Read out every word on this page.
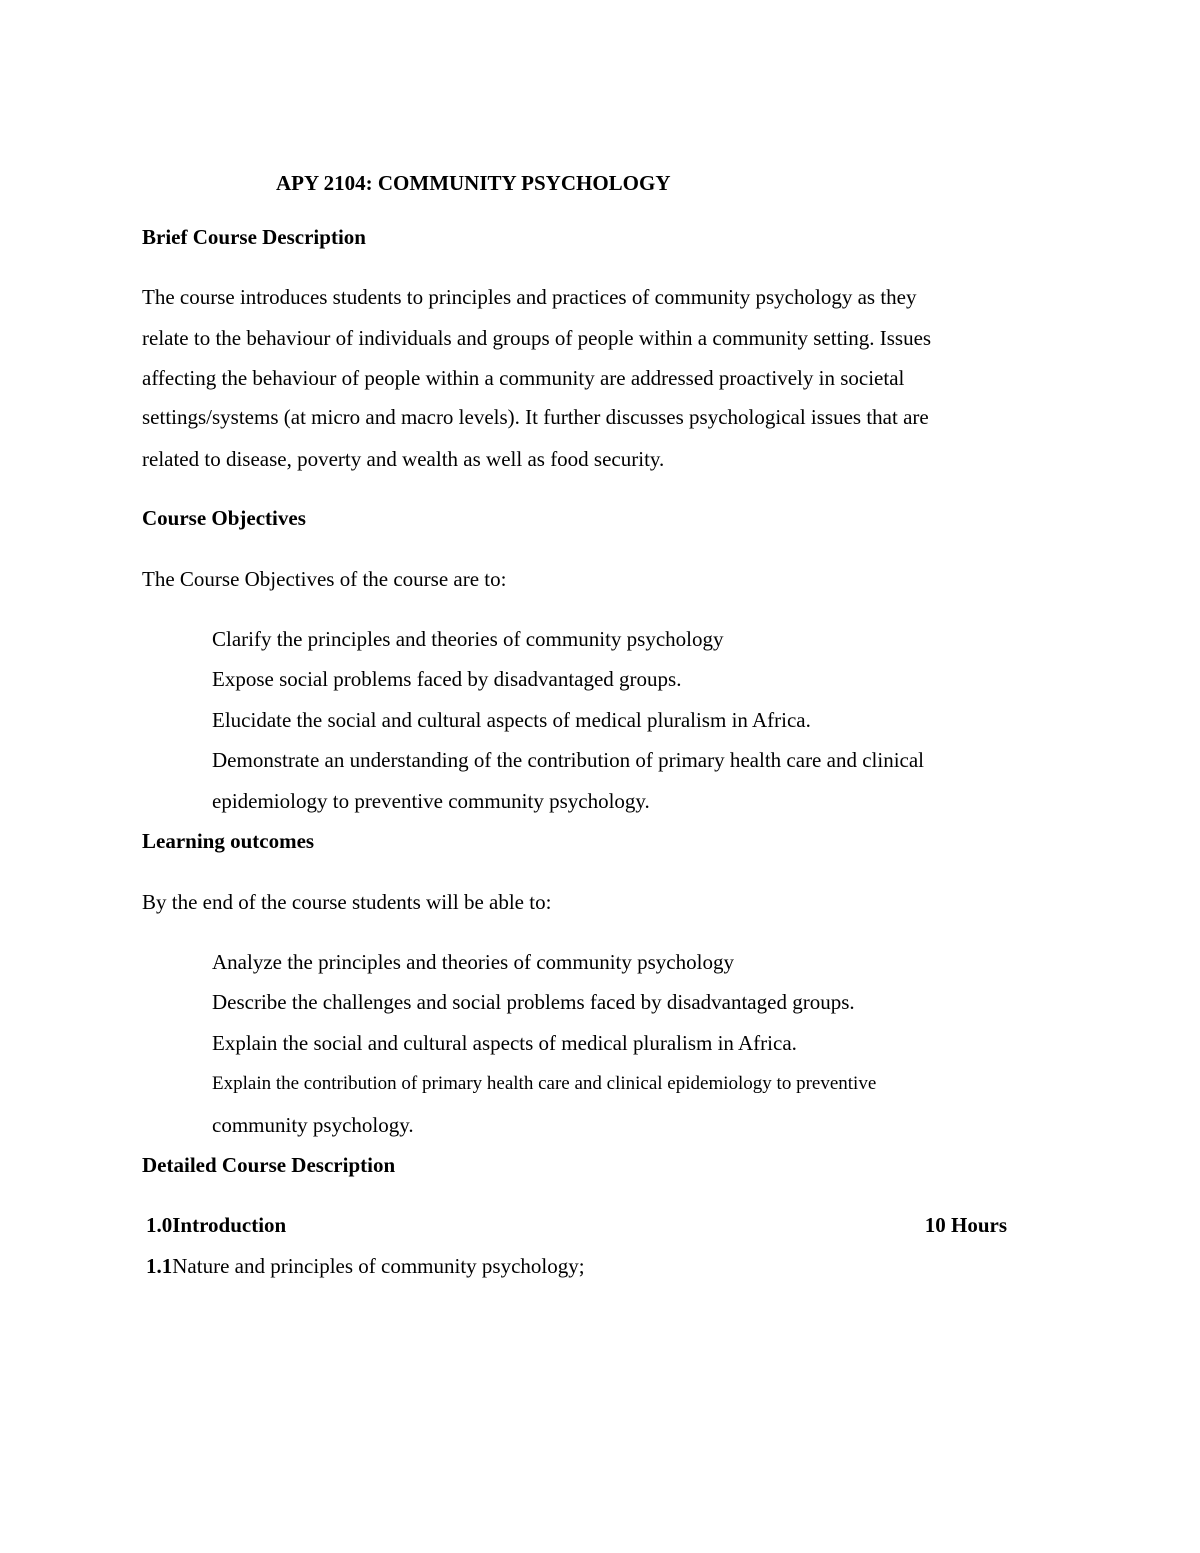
APY 2104: COMMUNITY PSYCHOLOGY
Brief Course Description
The course introduces students to principles and practices of community psychology as they
relate to the behaviour of individuals and groups of people within a community setting. Issues
affecting the behaviour of people within a community are addressed proactively in societal
settings/systems (at micro and macro levels). It further discusses psychological issues that are
related to disease, poverty and wealth as well as food security.
Course Objectives
The Course Objectives of the course are to:
Clarify the principles and theories of community psychology
Expose social problems faced by disadvantaged groups.
Elucidate the social and cultural aspects of medical pluralism in Africa.
Demonstrate an understanding of the contribution of primary health care and clinical
epidemiology to preventive community psychology.
Learning outcomes
By the end of the course students will be able to:
Analyze the principles and theories of community psychology
Describe the challenges and social problems faced by disadvantaged groups.
Explain the social and cultural aspects of medical pluralism in Africa.
Explain the contribution of primary health care and clinical epidemiology to preventive
community psychology.
Detailed Course Description
1.0Introduction	10 Hours
1.1Nature and principles of community psychology;
